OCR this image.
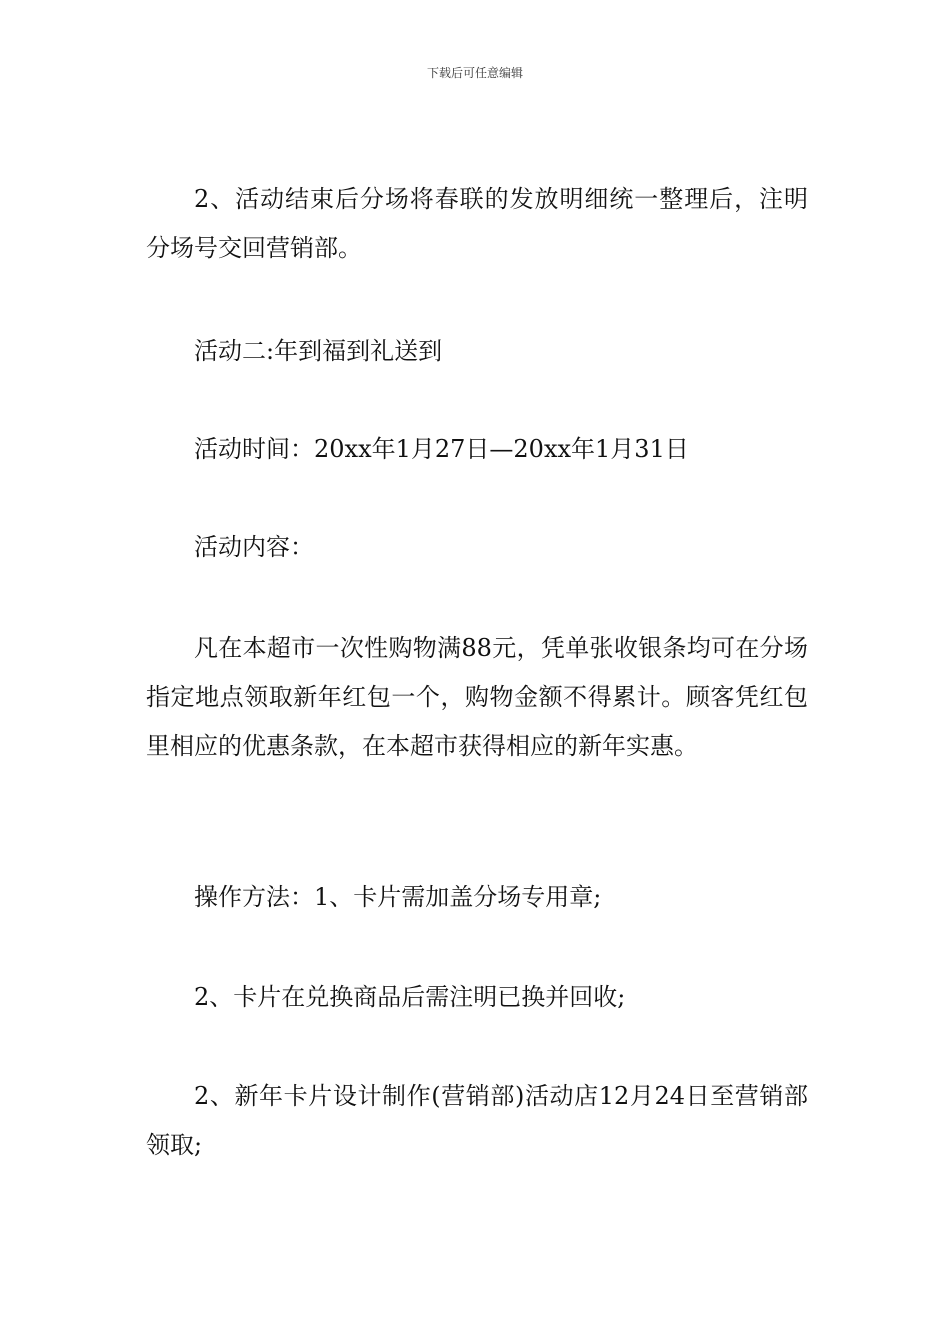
下载后可任意编辑

2、活动结束后分场将春联的发放明细统一整理后，注明分场号交回营销部。

活动二:年到福到礼送到

活动时间：20xx年1月27日—20xx年1月31日

活动内容：

凡在本超市一次性购物满88元，凭单张收银条均可在分场指定地点领取新年红包一个，购物金额不得累计。顾客凭红包里相应的优惠条款，在本超市获得相应的新年实惠。

操作方法：1、卡片需加盖分场专用章;

2、卡片在兑换商品后需注明已换并回收;

2、新年卡片设计制作(营销部)活动店12月24日至营销部领取;
